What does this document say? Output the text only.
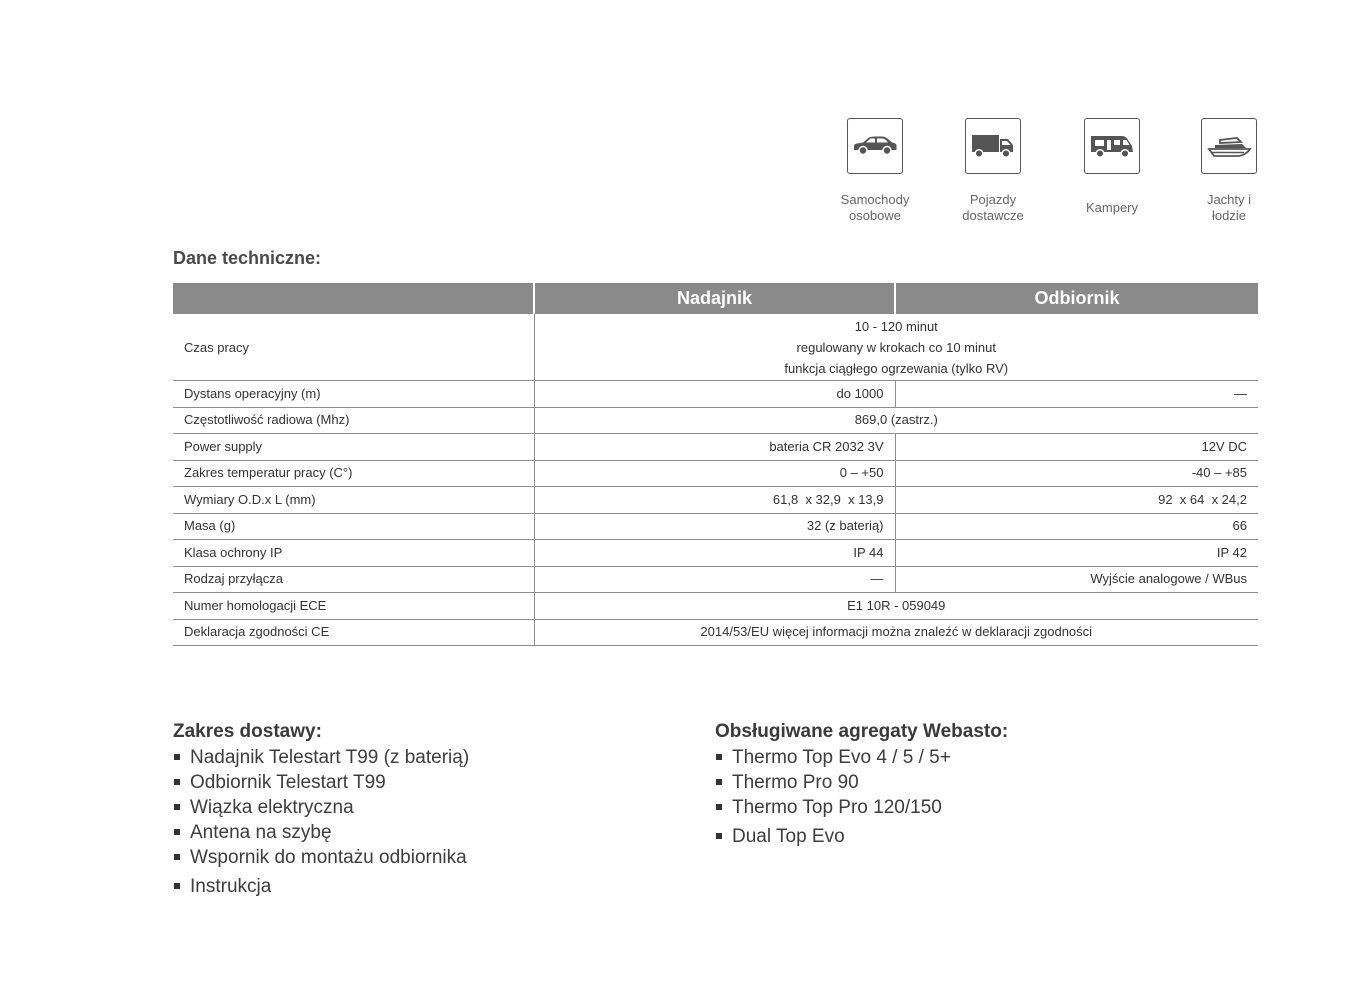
Samochody
osobowe
Pojazdy
dostawcze
Kampery
Jachty i
łodzie
Dane techniczne:
	Nadajnik	Odbiornik
Czas pracy	10 - 120 minut
regulowany w krokach co 10 minut
funkcja ciągłego ogrzewania (tylko RV)	

Dystans operacyjny (m)	do 1000	—
Częstotliwość radiowa (Mhz)	869,0 (zastrz.)	
Power supply	bateria CR 2032 3V	12V DC
Zakres temperatur pracy (C°)	0 – +50	-40 – +85
Wymiary O.D.x L (mm)	61,8  x 32,9  x 13,9	92  x 64  x 24,2
Masa (g)	32 (z baterią)	66
Klasa ochrony IP	IP 44	IP 42
Rodzaj przyłącza	—	Wyjście analogowe / WBus
Numer homologacji ECE	E1 10R - 059049	
Deklaracja zgodności CE	2014/53/EU więcej informacji można znaleźć w deklaracji zgodności	
Zakres dostawy:
Nadajnik Telestart T99 (z baterią)
Odbiornik Telestart T99
Wiązka elektryczna
Antena na szybę
Wspornik do montażu odbiornika
Instrukcja
Obsługiwane agregaty Webasto:
Thermo Top Evo 4 / 5 / 5+
Thermo Pro 90
Thermo Top Pro 120/150
Dual Top Evo
